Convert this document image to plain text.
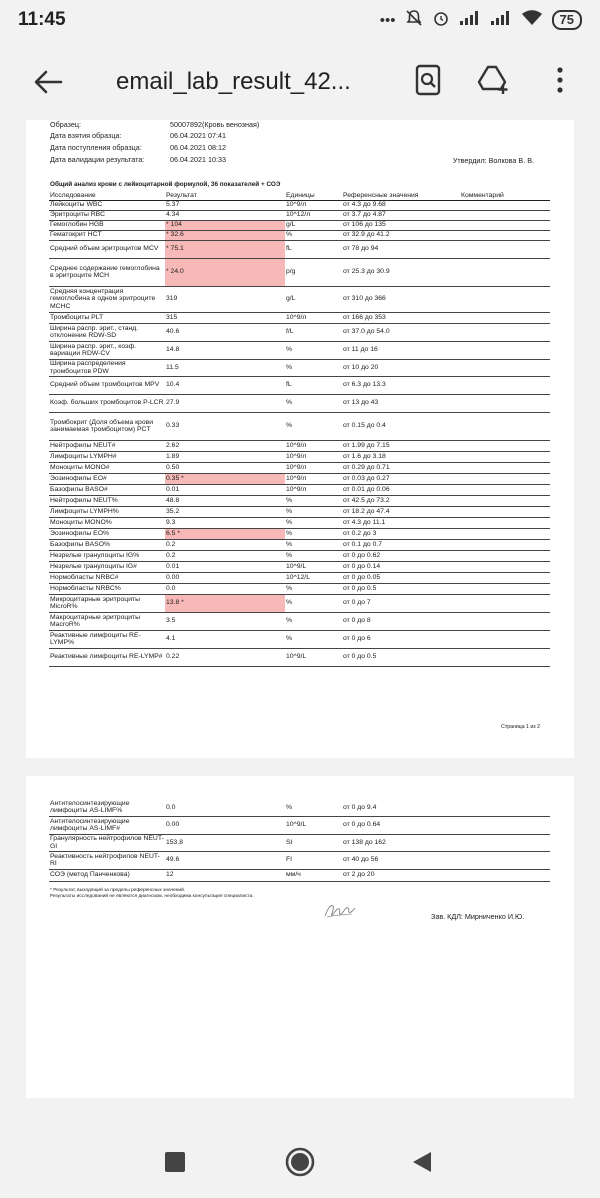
11:45	•••	75
email_lab_result_42...
Образец:	50007892(Кровь венозная)
Дата взятия образца:	06.04.2021 07:41
Дата поступления образца:	06.04.2021 08:12
Дата валидации результата:	06.04.2021 10:33	Утвердил: Волкова В. В.
Общий анализ крови с лейкоцитарной формулой, 36 показателей + СОЭ
Исследование	Результат	Единицы	Референсные значения	Комментарий
Лейкоциты WBC	5.37	10^9/л	от 4.3 до 9.68	
Эритроциты RBC	4.34	10^12/л	от 3.7 до 4.87	
Гемоглобин HGB	* 104	g/L	от 106 до 135	
Гематокрит HCT	* 32.6	%	от 32.9 до 41.2	
Средний объем эритроцитов MCV	* 75.1	fL	от 78 до 94	
Среднее содержание гемоглобина в эритроците MCH	* 24.0	p/g	от 25.3 до 30.9	
Средняя концентрация гемоглобина в одном эритроците MCHC	319	g/L	от 310 до 366	
Тромбоциты PLT	315	10^9/л	от 166 до 353	
Ширина распр. эрит., станд. отклонение RDW-SD	40.6	f/L	от 37.0 до 54.0	
Ширина распр. эрит., коэф. вариации RDW-CV	14.8	%	от 11 до 16	
Ширина распределения тромбоцитов PDW	11.5	%	от 10 до 20	
Средний объем тромбоцитов MPV	10.4	fL	от 6.3 до 13.3	
Коэф. больших тромбоцитов P-LCR	27.9	%	от 13 до 43	
Тромбокрит (Доля объема крови занимаемая тромбоцитом) PCT	0.33	%	от 0.15 до 0.4	
Нейтрофилы NEUT#	2.62	10^9/л	от 1.99 до 7.15	
Лимфоциты LYMPH#	1.89	10^9/л	от 1.6 до 3.18	
Моноциты MONO#	0.50	10^9/л	от 0.29 до 0.71	
Эозинофилы EO#	0.35 *	10^9/л	от 0.03 до 0.27	
Базофилы BASO#	0.01	10^9/л	от 0.01 до 0.06	
Нейтрофилы NEUT%	48.8	%	от 42.5 до 73.2	
Лимфоциты LYMPH%	35.2	%	от 18.2 до 47.4	
Моноциты MONO%	9.3	%	от 4.3 до 11.1	
Эозинофилы EO%	6.5 *	%	от 0.2 до 3	
Базофилы BASO%	0.2	%	от 0.1 до 0.7	
Незрелые гранулоциты IG%	0.2	%	от 0 до 0.62	
Незрелые гранулоциты IG#	0.01	10^9/L	от 0 до 0.14	
Нормобласты NRBC#	0.00	10^12/L	от 0 до 0.05	
Нормобласты NRBC%	0.0	%	от 0 до 0.5	
Микроцитарные эритроциты MicroR%	13.8 *	%	от 0 до 7	
Макроцитарные эритроциты MacroR%	3.5	%	от 0 до 8	
Реактивные лимфоциты RE-LYMP%	4.1	%	от 0 до 6	
Реактивные лимфоциты RE-LYMP#	0.22	10^9/L	от 0 до 0.5	
Страница 1 из 2
Антителосинтезирующие лимфоциты AS-LIMF%	0.0	%	от 0 до 9.4	
Антителосинтезирующие лимфоциты AS-LIMF#	0.00	10^9/L	от 0 до 0.64	
Гранулярность нейтрофилов NEUT-GI	153.8	SI	от 138 до 162	
Реактивность нейтрофилов NEUT-RI	49.6	FI	от 40 до 56	
СОЭ (метод Панченкова)	12	мм/ч	от 2 до 20	
* Результат, выходящий за пределы референсных значений.
Результаты исследований не являются диагнозом, необходима консультация специалиста.
Зав. КДЛ: Мирниченко И.Ю.
